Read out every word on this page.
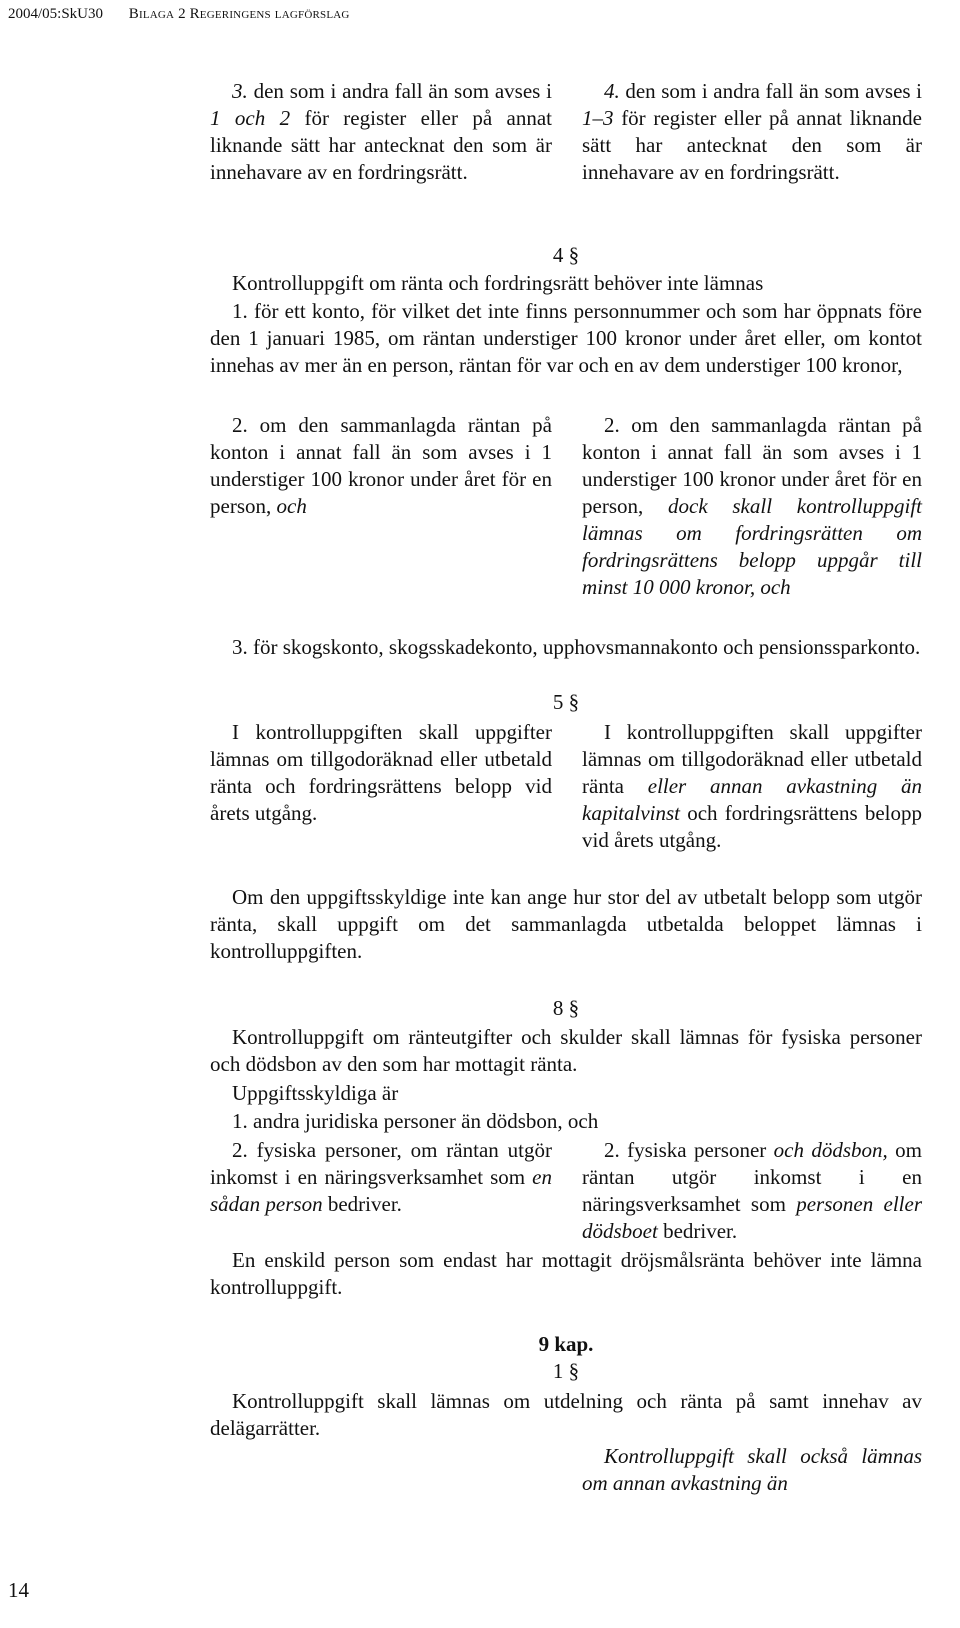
2004/05:SkU30 Bilaga 2 Regeringens lagförslag

3. den som i andra fall än som avses i 1 och 2 för register eller på annat liknande sätt har antecknat den som är innehavare av en fordringsrätt.

4. den som i andra fall än som avses i 1–3 för register eller på annat liknande sätt har antecknat den som är innehavare av en fordringsrätt.

4 §

Kontrolluppgift om ränta och fordringsrätt behöver inte lämnas

1. för ett konto, för vilket det inte finns personnummer och som har öppnats före den 1 januari 1985, om räntan understiger 100 kronor under året eller, om kontot innehas av mer än en person, räntan för var och en av dem understiger 100 kronor,

2. om den sammanlagda räntan på konton i annat fall än som avses i 1 understiger 100 kronor under året för en person, och

2. om den sammanlagda räntan på konton i annat fall än som avses i 1 understiger 100 kronor under året för en person, dock skall kontrolluppgift lämnas om fordringsrätten om fordringsrättens belopp uppgår till minst 10 000 kronor, och

3. för skogskonto, skogsskadekonto, upphovsmannakonto och pensionssparkonto.

5 §

I kontrolluppgiften skall uppgifter lämnas om tillgodoräknad eller utbetald ränta och fordringsrättens belopp vid årets utgång.

I kontrolluppgiften skall uppgifter lämnas om tillgodoräknad eller utbetald ränta eller annan avkastning än kapitalvinst och fordringsrättens belopp vid årets utgång.

Om den uppgiftsskyldige inte kan ange hur stor del av utbetalt belopp som utgör ränta, skall uppgift om det sammanlagda utbetalda beloppet lämnas i kontrolluppgiften.

8 §

Kontrolluppgift om ränteutgifter och skulder skall lämnas för fysiska personer och dödsbon av den som har mottagit ränta.

Uppgiftsskyldiga är

1. andra juridiska personer än dödsbon, och

2. fysiska personer, om räntan utgör inkomst i en näringsverksamhet som en sådan person bedriver.

2. fysiska personer och dödsbon, om räntan utgör inkomst i en näringsverksamhet som personen eller dödsboet bedriver.

En enskild person som endast har mottagit dröjsmålsränta behöver inte lämna kontrolluppgift.

9 kap.

1 §

Kontrolluppgift skall lämnas om utdelning och ränta på samt innehav av delägarrätter.

Kontrolluppgift skall också lämnas om annan avkastning än

14
